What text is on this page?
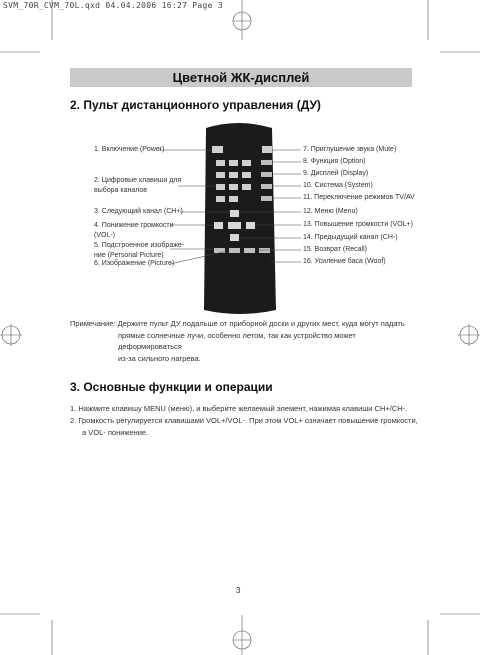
SVM_70R_CVM_70L.qxd 04.04.2006 16:27 Page 3
Цветной ЖК-дисплей
2. Пульт дистанционного управления (ДУ)
1. Включение (Power)
2. Цифровые клавиши для
выбора каналов
3. Следующий канал (CH+)
4. Понижение громкости
(VOL-)
5. Подстроенное изображе-
ние (Personal Picture)
6. Изображение (Picture)
7. Приглушение звука (Mute)
8. Функция (Option)
9. Дисплей (Display)
10. Система (System)
11. Переключение режимов TV/AV
12. Меню (Menu)
13. Повышение громкости (VOL+)
14. Предыдущий канал (CH-)
15. Возврат (Recall)
16. Усиление баса (Woof)
Примечание: Держите пульт ДУ подальше от приборной доски и других мест, куда могут падать
прямые солнечные лучи, особенно летом, так как устройство может деформироваться
из-за сильного нагрева.
3. Основные функции и операции
1. Нажмите клавишу MENU (меню), и выберите желаемый элемент, нажимая клавиши CH+/CH-.
2. Громкость регулируется клавишами VOL+/VOL-. При этом VOL+ означает повышение громкости,
а VOL- понижение.
3
